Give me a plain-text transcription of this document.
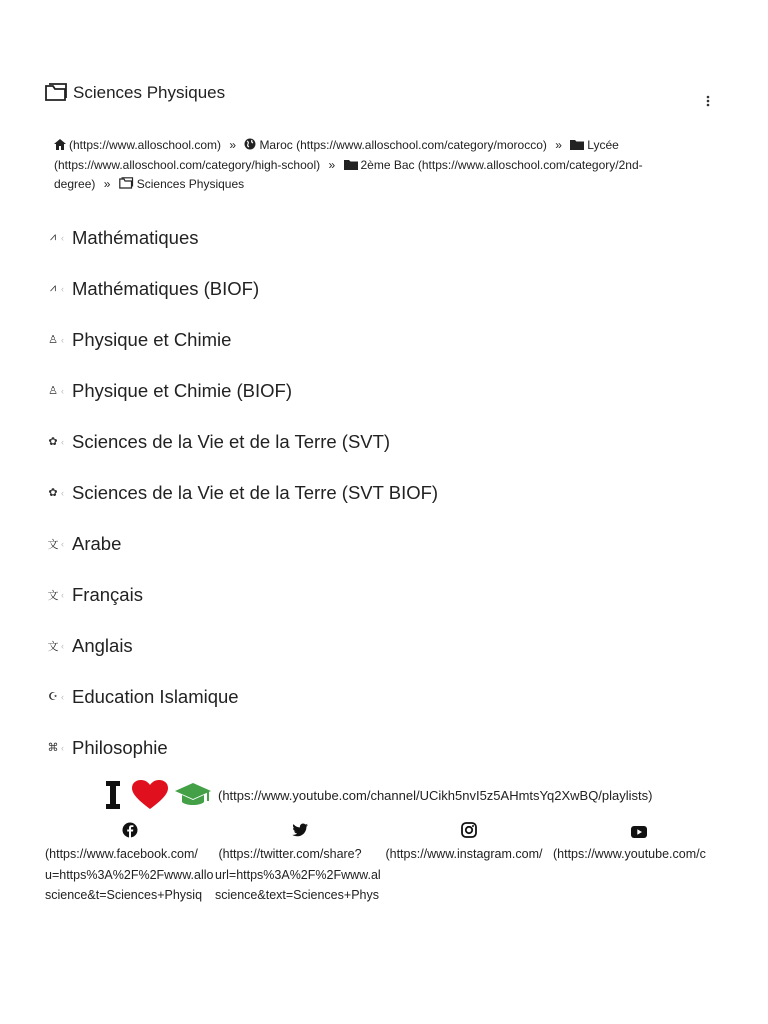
Sciences Physiques
(https://www.alloschool.com) » Maroc (https://www.alloschool.com/category/morocco) » Lycée
(https://www.alloschool.com/category/high-school) » 2ème Bac (https://www.alloschool.com/category/2nd-
degree) » Sciences Physiques
⩘ ‹ Mathématiques
⩘ ‹ Mathématiques (BIOF)
♙ ‹ Physique et Chimie
♙ ‹ Physique et Chimie (BIOF)
✿ ‹ Sciences de la Vie et de la Terre (SVT)
✿ ‹ Sciences de la Vie et de la Terre (SVT BIOF)
文 ‹ Arabe
文 ‹ Français
文 ‹ Anglais
☪ ‹ Education Islamique
⌘ ‹ Philosophie
(https://www.youtube.com/channel/UCikh5nvI5z5AHmtsYq2XwBQ/playlists)
(https://www.facebook.com/
u=https%3A%2F%2Fwww.allo
science&t=Sciences+Physiq
(https://twitter.com/share?
url=https%3A%2F%2Fwww.al
science&text=Sciences+Phys
(https://www.instagram.com/ (https://www.youtube.com/c
